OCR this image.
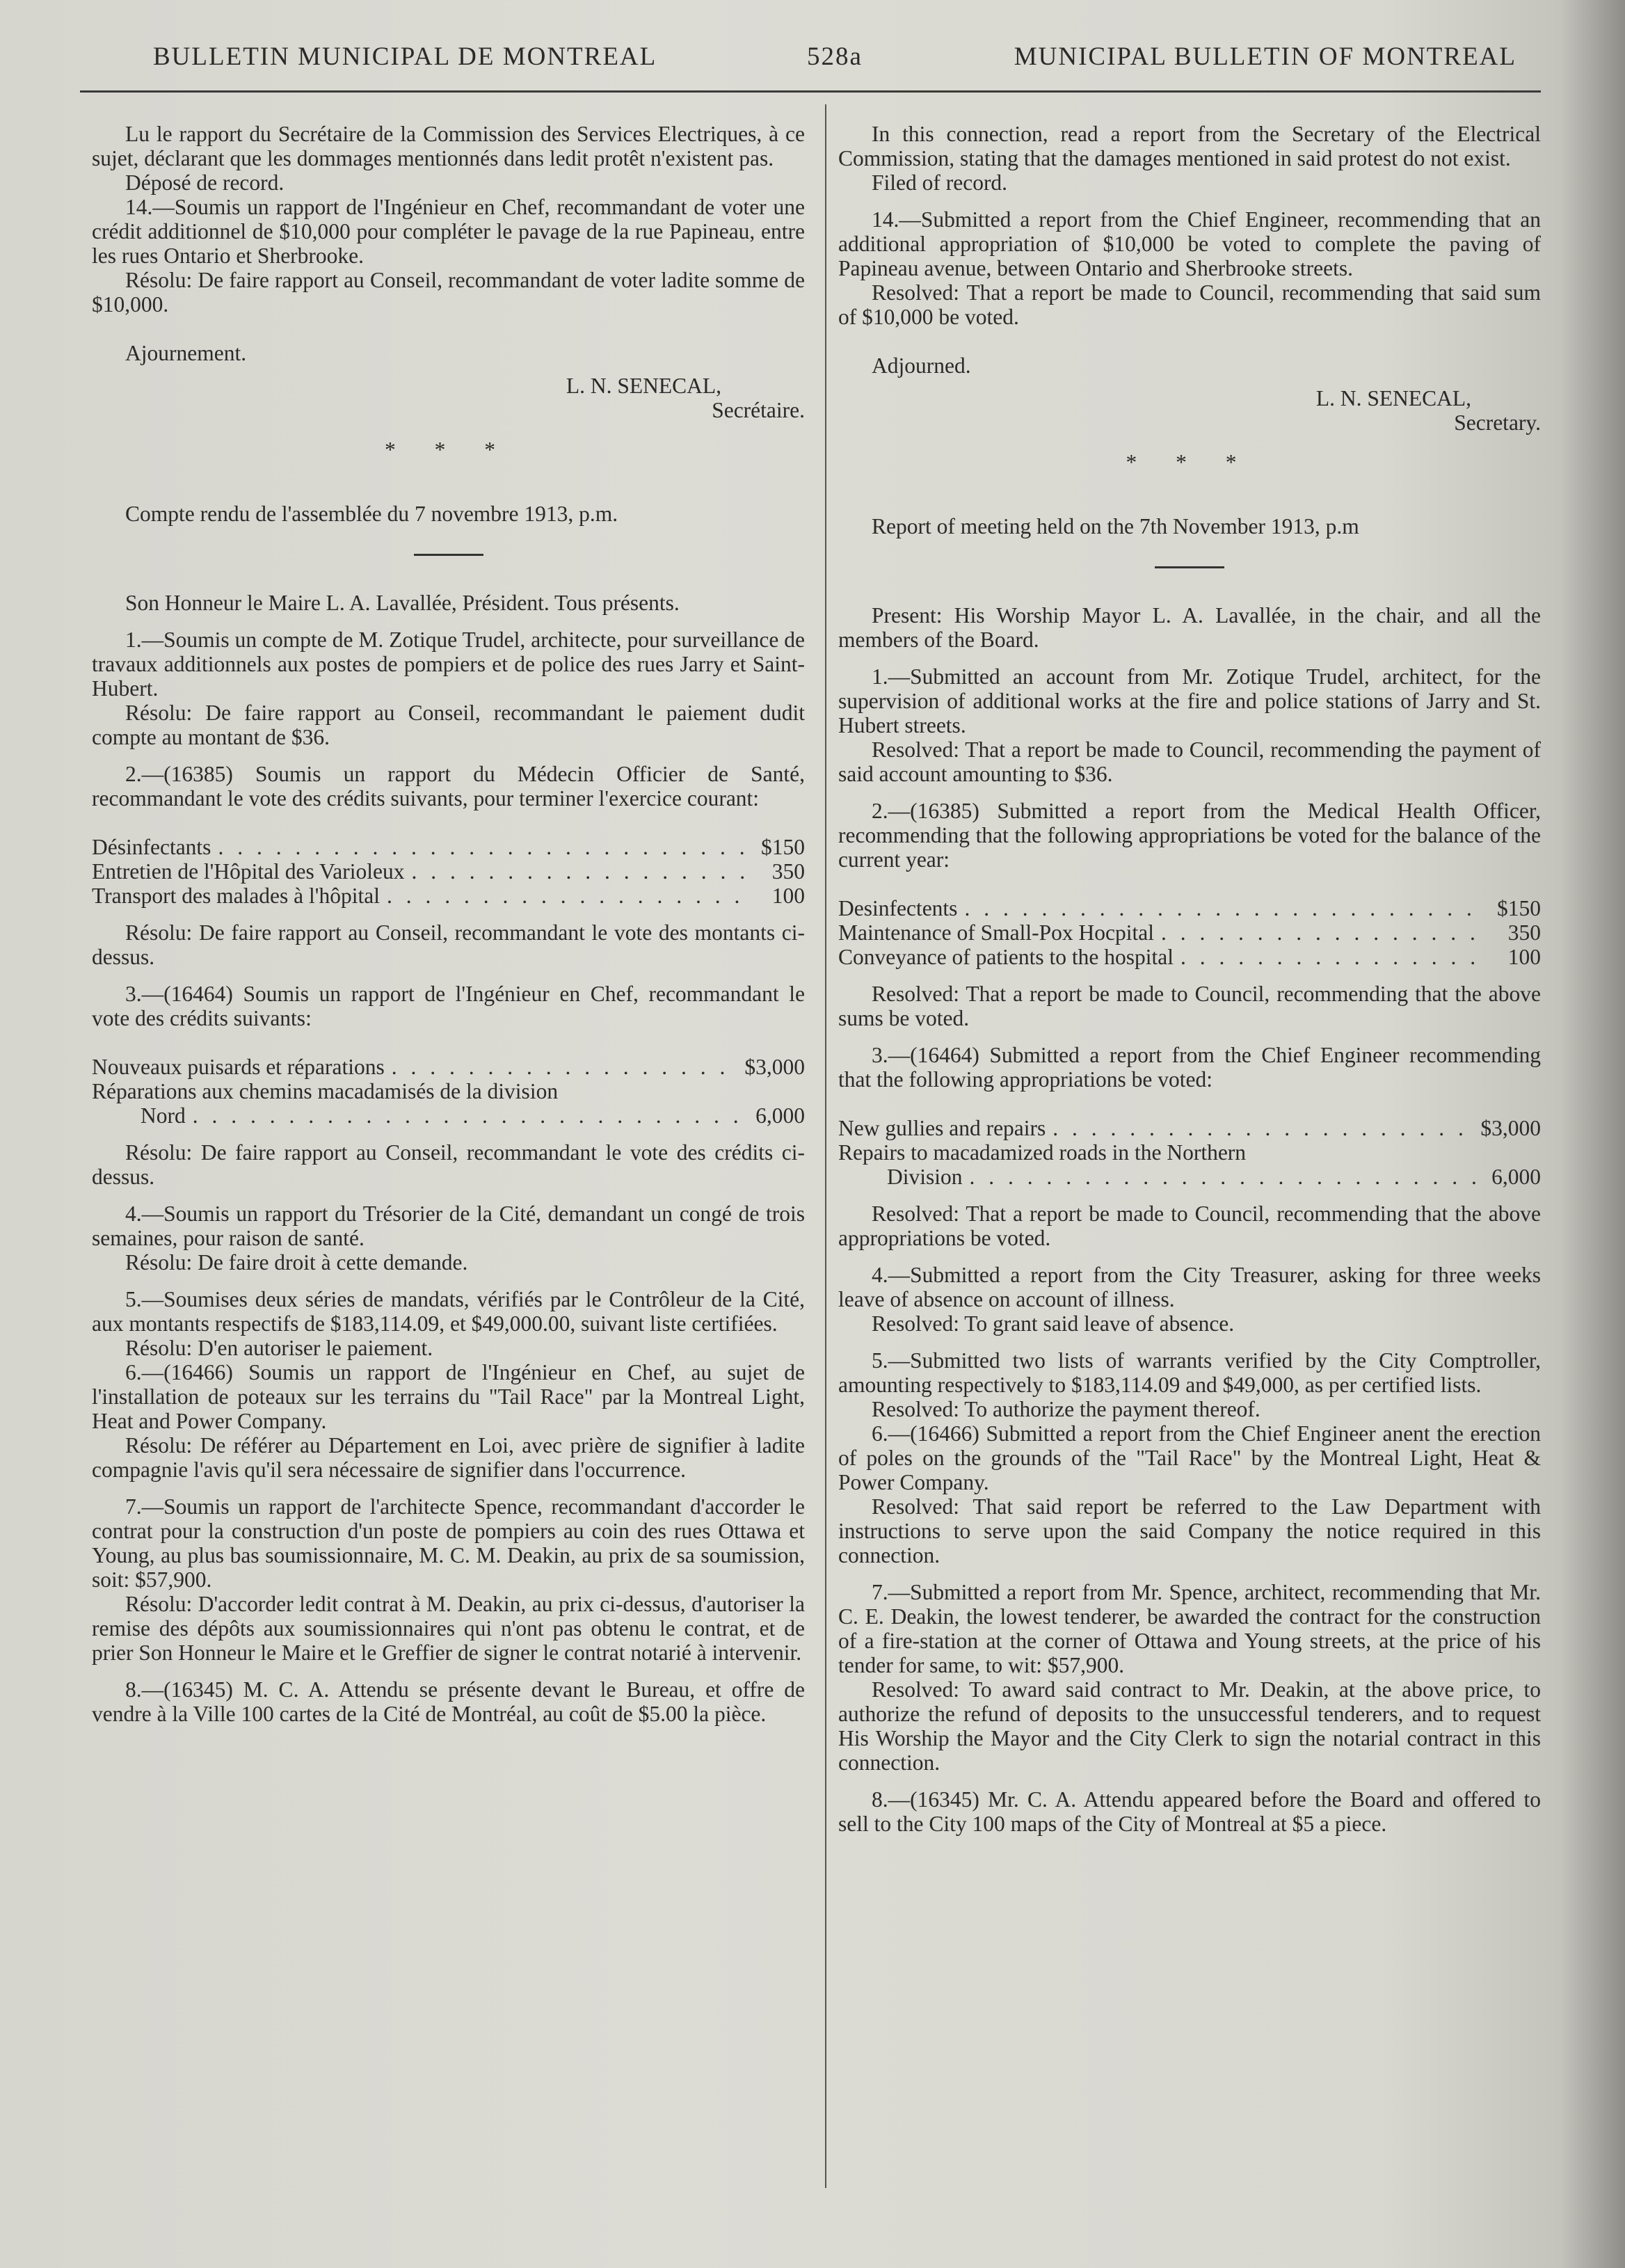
BULLETIN MUNICIPAL DE MONTREAL	528a	MUNICIPAL BULLETIN OF MONTREAL

Lu le rapport du Secrétaire de la Commission des Services Electriques, à ce sujet, déclarant que les dommages mentionnés dans ledit protêt n'existent pas.

Déposé de record.

14.—Soumis un rapport de l'Ingénieur en Chef, recommandant de voter une crédit additionnel de $10,000 pour compléter le pavage de la rue Papineau, entre les rues Ontario et Sherbrooke.

Résolu: De faire rapport au Conseil, recommandant de voter ladite somme de $10,000.

Ajournement.

L. N. SENECAL,

Secrétaire.

* * *

Compte rendu de l'assemblée du 7 novembre 1913, p.m.

Son Honneur le Maire L. A. Lavallée, Président. Tous présents.

1.—Soumis un compte de M. Zotique Trudel, architecte, pour surveillance de travaux additionnels aux postes de pompiers et de police des rues Jarry et Saint-Hubert.

Résolu: De faire rapport au Conseil, recommandant le paiement dudit compte au montant de $36.

2.—(16385) Soumis un rapport du Médecin Officier de Santé, recommandant le vote des crédits suivants, pour terminer l'exercice courant:

Désinfectants . . .	$150
Entretien de l'Hôpital des Varioleux . . .	350
Transport des malades à l'hôpital . . .	100

Résolu: De faire rapport au Conseil, recommandant le vote des montants ci-dessus.

3.—(16464) Soumis un rapport de l'Ingénieur en Chef, recommandant le vote des crédits suivants:

Nouveaux puisards et réparations . . .	$3,000

Réparations aux chemins macadamisés de la division

Nord . . .	6,000

Résolu: De faire rapport au Conseil, recommandant le vote des crédits ci-dessus.

4.—Soumis un rapport du Trésorier de la Cité, demandant un congé de trois semaines, pour raison de santé.

Résolu: De faire droit à cette demande.

5.—Soumises deux séries de mandats, vérifiés par le Contrôleur de la Cité, aux montants respectifs de $183,114.09, et $49,000.00, suivant liste certifiées.

Résolu: D'en autoriser le paiement.

6.—(16466) Soumis un rapport de l'Ingénieur en Chef, au sujet de l'installation de poteaux sur les terrains du "Tail Race" par la Montreal Light, Heat and Power Company.

Résolu: De référer au Département en Loi, avec prière de signifier à ladite compagnie l'avis qu'il sera nécessaire de signifier dans l'occurrence.

7.—Soumis un rapport de l'architecte Spence, recommandant d'accorder le contrat pour la construction d'un poste de pompiers au coin des rues Ottawa et Young, au plus bas soumissionnaire, M. C. M. Deakin, au prix de sa soumission, soit: $57,900.

Résolu: D'accorder ledit contrat à M. Deakin, au prix ci-dessus, d'autoriser la remise des dépôts aux soumissionnaires qui n'ont pas obtenu le contrat, et de prier Son Honneur le Maire et le Greffier de signer le contrat notarié à intervenir.

8.—(16345) M. C. A. Attendu se présente devant le Bureau, et offre de vendre à la Ville 100 cartes de la Cité de Montréal, au coût de $5.00 la pièce.

In this connection, read a report from the Secretary of the Electrical Commission, stating that the damages mentioned in said protest do not exist.

Filed of record.

14.—Submitted a report from the Chief Engineer, recommending that an additional appropriation of $10,000 be voted to complete the paving of Papineau avenue, between Ontario and Sherbrooke streets.

Resolved: That a report be made to Council, recommending that said sum of $10,000 be voted.

Adjourned.

L. N. SENECAL,

Secretary.

* * *

Report of meeting held on the 7th November 1913, p.m

Present: His Worship Mayor L. A. Lavallée, in the chair, and all the members of the Board.

1.—Submitted an account from Mr. Zotique Trudel, architect, for the supervision of additional works at the fire and police stations of Jarry and St. Hubert streets.

Resolved: That a report be made to Council, recommending the payment of said account amounting to $36.

2.—(16385) Submitted a report from the Medical Health Officer, recommending that the following appropriations be voted for the balance of the current year:

Desinfectents . . .	$150
Maintenance of Small-Pox Hocpital . . .	350
Conveyance of patients to the hospital . . .	100

Resolved: That a report be made to Council, recommending that the above sums be voted.

3.—(16464) Submitted a report from the Chief Engineer recommending that the following appropriations be voted:

New gullies and repairs . . .	$3,000

Repairs to macadamized roads in the Northern

Division . . .	6,000

Resolved: That a report be made to Council, recommending that the above appropriations be voted.

4.—Submitted a report from the City Treasurer, asking for three weeks leave of absence on account of illness.

Resolved: To grant said leave of absence.

5.—Submitted two lists of warrants verified by the City Comptroller, amounting respectively to $183,114.09 and $49,000, as per certified lists.

Resolved: To authorize the payment thereof.

6.—(16466) Submitted a report from the Chief Engineer anent the erection of poles on the grounds of the "Tail Race" by the Montreal Light, Heat & Power Company.

Resolved: That said report be referred to the Law Department with instructions to serve upon the said Company the notice required in this connection.

7.—Submitted a report from Mr. Spence, architect, recommending that Mr. C. E. Deakin, the lowest tenderer, be awarded the contract for the construction of a fire-station at the corner of Ottawa and Young streets, at the price of his tender for same, to wit: $57,900.

Resolved: To award said contract to Mr. Deakin, at the above price, to authorize the refund of deposits to the unsuccessful tenderers, and to request His Worship the Mayor and the City Clerk to sign the notarial contract in this connection.

8.—(16345) Mr. C. A. Attendu appeared before the Board and offered to sell to the City 100 maps of the City of Montreal at $5 a piece.
